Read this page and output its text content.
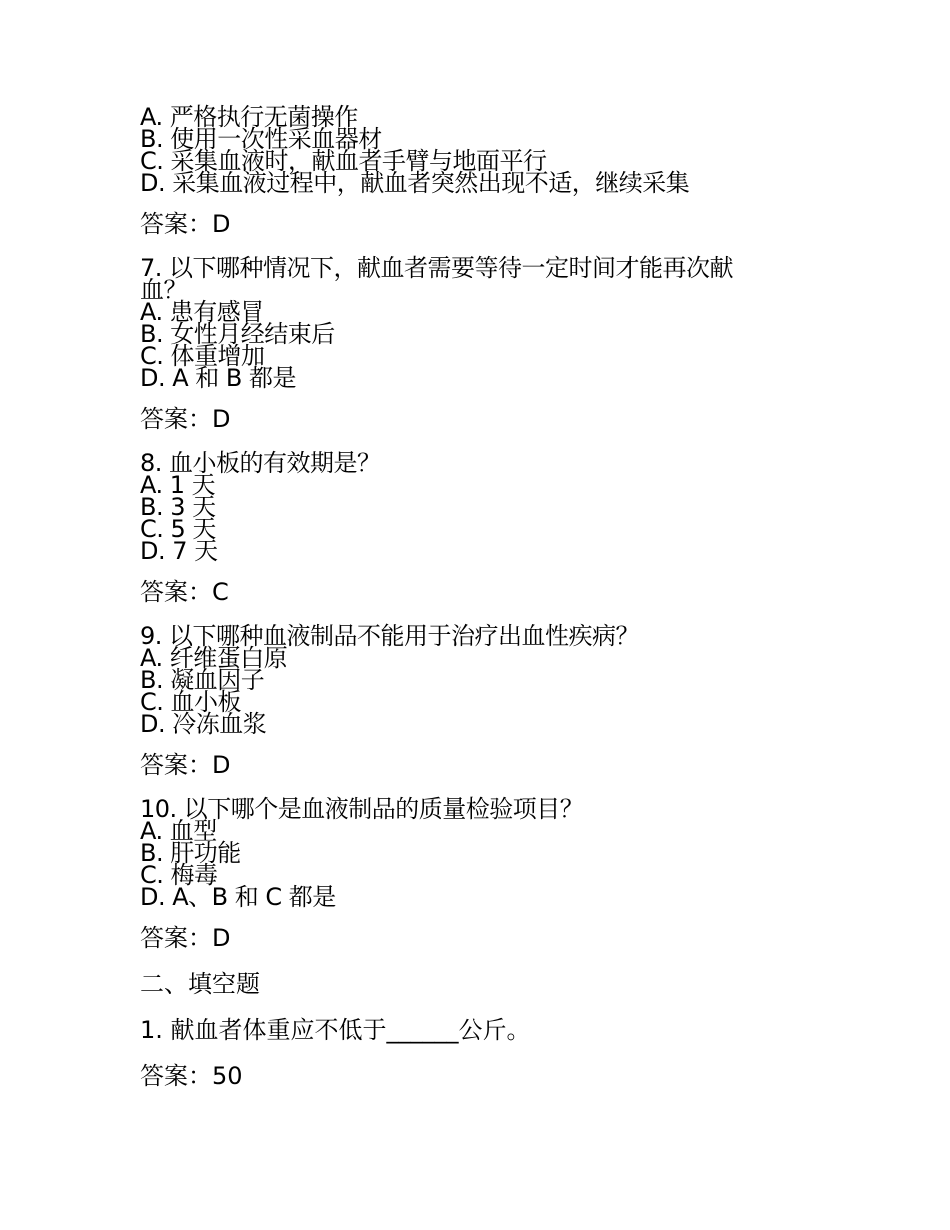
A. 严格执行无菌操作
B. 使用一次性采血器材
C. 采集血液时，献血者手臂与地面平行
D. 采集血液过程中，献血者突然出现不适，继续采集
答案：D
7. 以下哪种情况下，献血者需要等待一定时间才能再次献血？
A. 患有感冒
B. 女性月经结束后
C. 体重增加
D. A 和 B 都是
答案：D
8. 血小板的有效期是？
A. 1 天
B. 3 天
C. 5 天
D. 7 天
答案：C
9. 以下哪种血液制品不能用于治疗出血性疾病？
A. 纤维蛋白原
B. 凝血因子
C. 血小板
D. 冷冻血浆
答案：D
10. 以下哪个是血液制品的质量检验项目？
A. 血型
B. 肝功能
C. 梅毒
D. A、B 和 C 都是
答案：D
二、填空题
1. 献血者体重应不低于______公斤。
答案：50
